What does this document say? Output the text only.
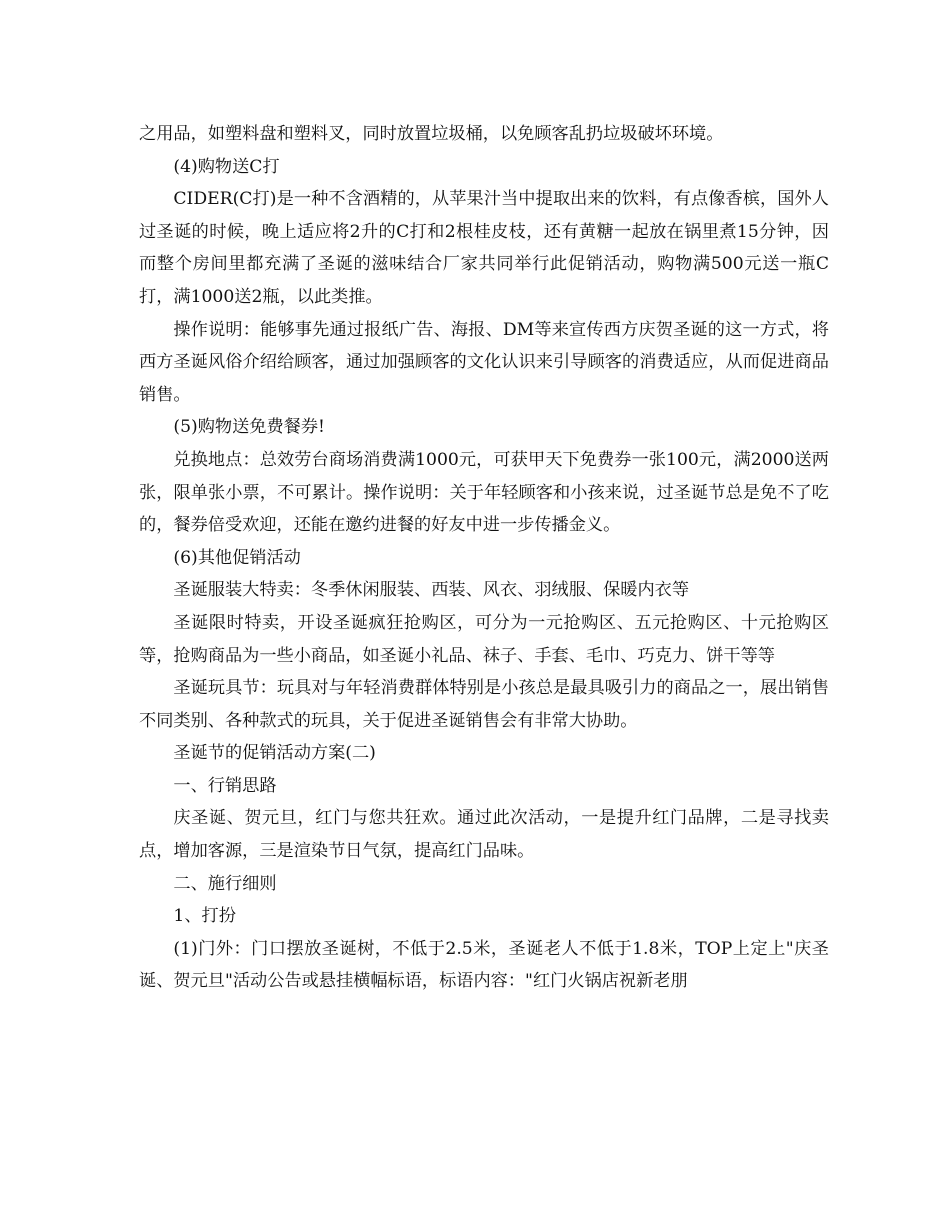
之用品，如塑料盘和塑料叉，同时放置垃圾桶，以免顾客乱扔垃圾破坏环境。

(4)购物送C打

CIDER(C打)是一种不含酒精的，从苹果汁当中提取出来的饮料，有点像香槟，国外人过圣诞的时候，晚上适应将2升的C打和2根桂皮枝，还有黄糖一起放在锅里煮15分钟，因而整个房间里都充满了圣诞的滋味结合厂家共同举行此促销活动，购物满500元送一瓶C打，满1000送2瓶，以此类推。

操作说明：能够事先通过报纸广告、海报、DM等来宣传西方庆贺圣诞的这一方式，将西方圣诞风俗介绍给顾客，通过加强顾客的文化认识来引导顾客的消费适应，从而促进商品销售。

(5)购物送免费餐券!

兑换地点：总效劳台商场消费满1000元，可获甲天下免费券一张100元，满2000送两张，限单张小票，不可累计。操作说明：关于年轻顾客和小孩来说，过圣诞节总是免不了吃的，餐券倍受欢迎，还能在邀约进餐的好友中进一步传播金义。

(6)其他促销活动

圣诞服装大特卖：冬季休闲服装、西装、风衣、羽绒服、保暖内衣等

圣诞限时特卖，开设圣诞疯狂抢购区，可分为一元抢购区、五元抢购区、十元抢购区等，抢购商品为一些小商品，如圣诞小礼品、袜子、手套、毛巾、巧克力、饼干等等

圣诞玩具节：玩具对与年轻消费群体特别是小孩总是最具吸引力的商品之一，展出销售不同类别、各种款式的玩具，关于促进圣诞销售会有非常大协助。

圣诞节的促销活动方案(二)

一、行销思路

庆圣诞、贺元旦，红门与您共狂欢。通过此次活动，一是提升红门品牌，二是寻找卖点，增加客源，三是渲染节日气氛，提高红门品味。

二、施行细则

1、打扮

(1)门外：门口摆放圣诞树，不低于2.5米，圣诞老人不低于1.8米，TOP上定上"庆圣诞、贺元旦"活动公告或悬挂横幅标语，标语内容："红门火锅店祝新老朋
